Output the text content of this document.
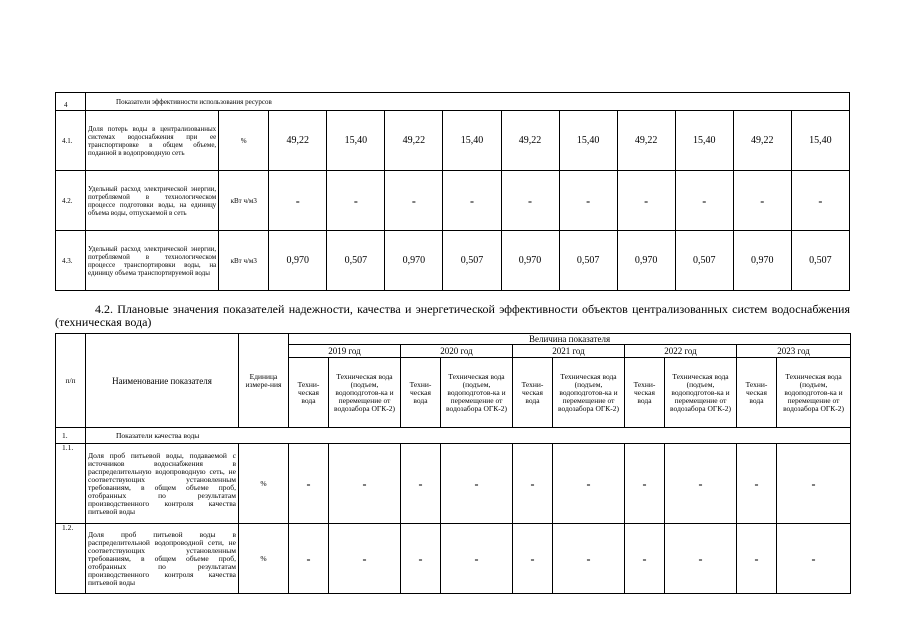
4	Показатели эффективности использования ресурсов											
4.1.	Доля потерь воды в централизованных системах водоснабжения при ее транспортировке в общем объеме, поданной в водопроводную сеть	%	49,22	15,40	49,22	15,40	49,22	15,40	49,22	15,40	49,22	15,40
4.2.	Удельный расход электрической энергии, потребляемой в технологическом процессе подготовки воды, на единицу объема воды, отпускаемой в сеть	кВт ч/м3	-	-	-	-	-	-	-	-	-	-
4.3.	Удельный расход электрической энергии, потребляемой в технологическом процессе транспортировки воды, на единицу объема транспортируемой воды	кВт ч/м3	0,970	0,507	0,970	0,507	0,970	0,507	0,970	0,507	0,970	0,507
4.2. Плановые значения показателей надежности, качества и энергетической эффективности объектов централизованных систем водоснабжения (техническая вода)
п/п	Наименование показателя	Единица измере-ния	Величина показателя									
			2019 год		2020 год		2021 год		2022 год		2023 год	
			Техни-ческая вода	Техническая вода (подъем, водоподготов-ка и перемещение от водозабора ОГК-2)	Техни-ческая вода	Техническая вода (подъем, водоподготов-ка и перемещение от водозабора ОГК-2)	Техни-ческая вода	Техническая вода (подъем, водоподготов-ка и перемещение от водозабора ОГК-2)	Техни-ческая вода	Техническая вода (подъем, водоподготов-ка и перемещение от водозабора ОГК-2)	Техни-ческая вода	Техническая вода (подъем, водоподготов-ка и перемещение от водозабора ОГК-2)
1.	Показатели качества воды											
1.1.	Доля проб питьевой воды, подаваемой с источников водоснабжения в распределительную водопроводную сеть, не соответствующих установленным требованиям, в общем объеме проб, отобранных по результатам производственного контроля качества питьевой воды	%	-	-	-	-	-	-	-	-	-	-
1.2.	Доля проб питьевой воды в распределительной водопроводной сети, не соответствующих установленным требованиям, в общем объеме проб, отобранных по результатам производственного контроля качества питьевой воды	%	-	-	-	-	-	-	-	-	-	-
